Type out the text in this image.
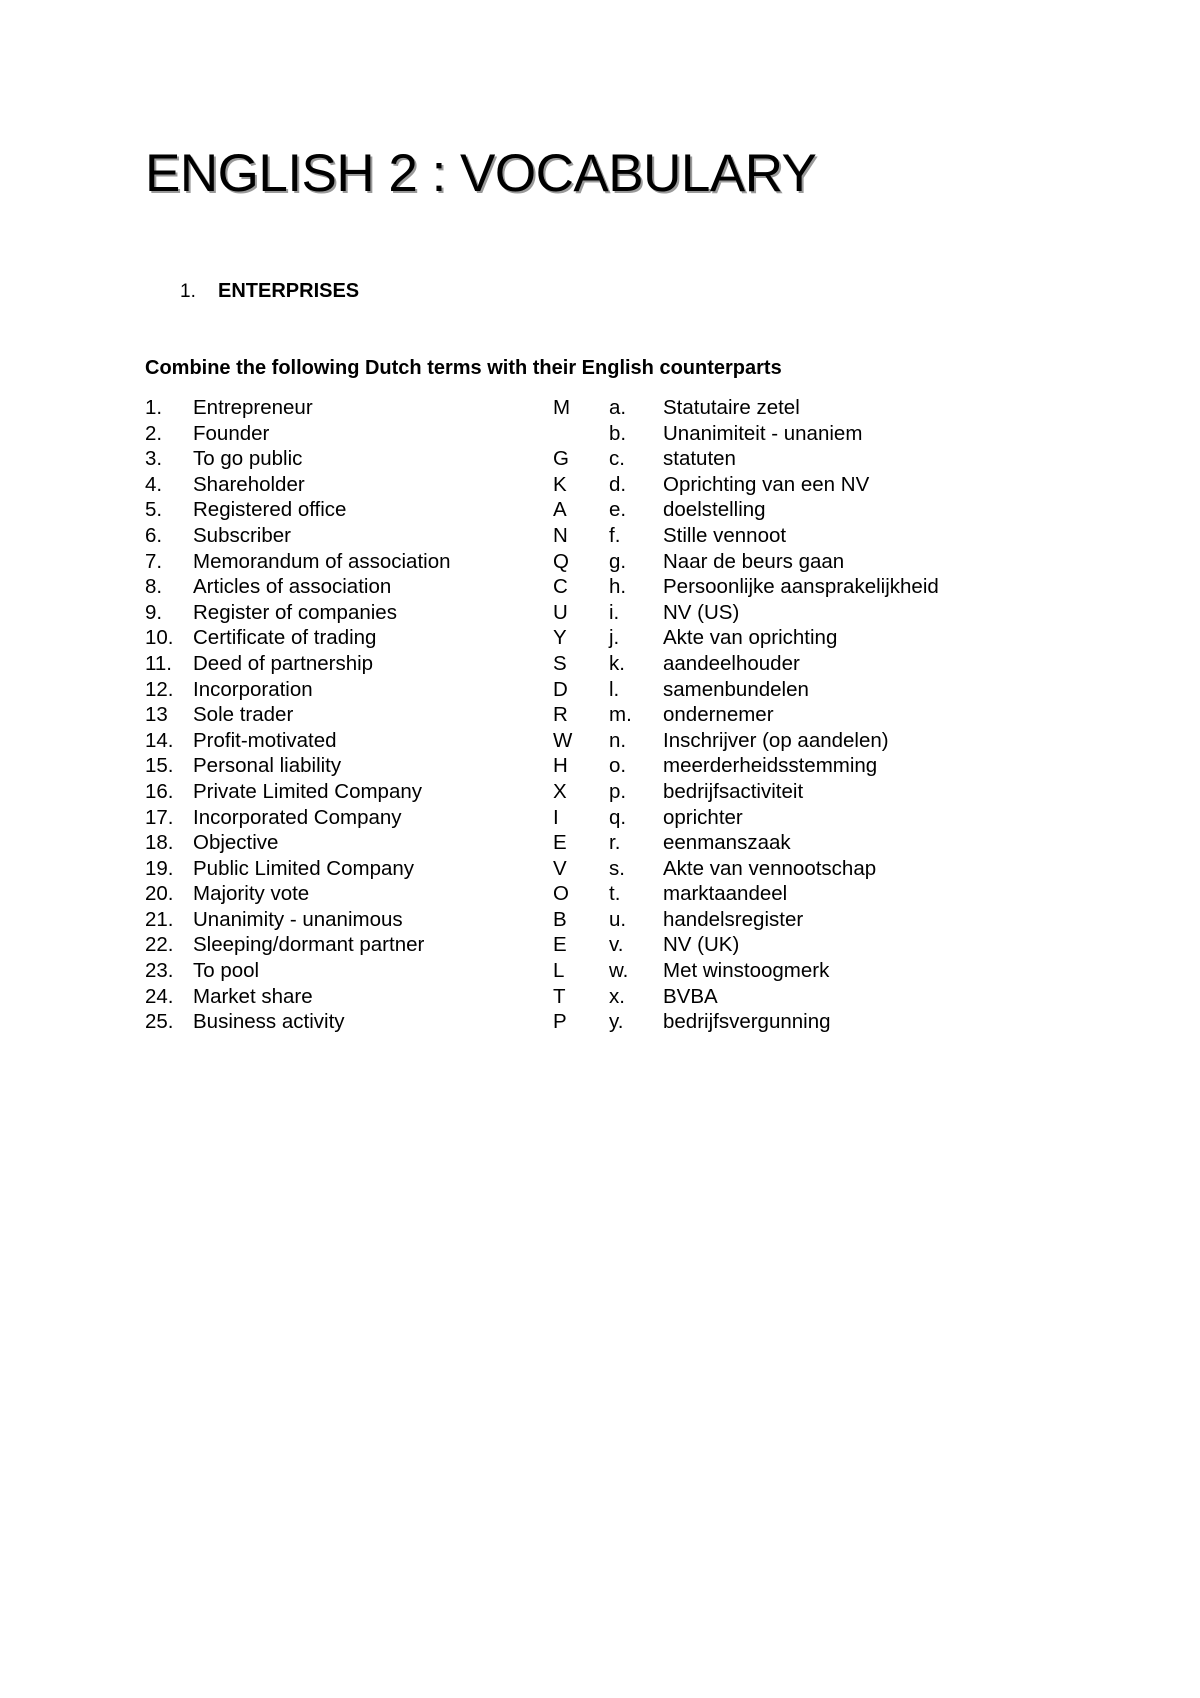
ENGLISH 2 : VOCABULARY
1. ENTERPRISES
Combine the following Dutch terms with their English counterparts
1.	Entrepreneur	M	a.	Statutaire zetel
2.	Founder		b.	Unanimiteit - unaniem
3.	To go public	G	c.	statuten
4.	Shareholder	K	d.	Oprichting van een NV
5.	Registered office	A	e.	doelstelling
6.	Subscriber	N	f.	Stille vennoot
7.	Memorandum of association	Q	g.	Naar de beurs gaan
8.	Articles of association	C	h.	Persoonlijke aansprakelijkheid
9.	Register of companies	U	i.	NV (US)
10.	Certificate of trading	Y	j.	Akte van oprichting
11.	Deed of partnership	S	k.	aandeelhouder
12.	Incorporation	D	l.	samenbundelen
13	Sole trader	R	m.	ondernemer
14.	Profit-motivated	W	n.	Inschrijver (op aandelen)
15.	Personal liability	H	o.	meerderheidsstemming
16.	Private Limited Company	X	p.	bedrijfsactiviteit
17.	Incorporated Company	I	q.	oprichter
18.	Objective	E	r.	eenmanszaak
19.	Public Limited Company	V	s.	Akte van vennootschap
20.	Majority vote	O	t.	marktaandeel
21.	Unanimity - unanimous	B	u.	handelsregister
22.	Sleeping/dormant partner	E	v.	NV (UK)
23.	To pool	L	w.	Met winstoogmerk
24.	Market share	T	x.	BVBA
25.	Business activity	P	y.	bedrijfsvergunning
